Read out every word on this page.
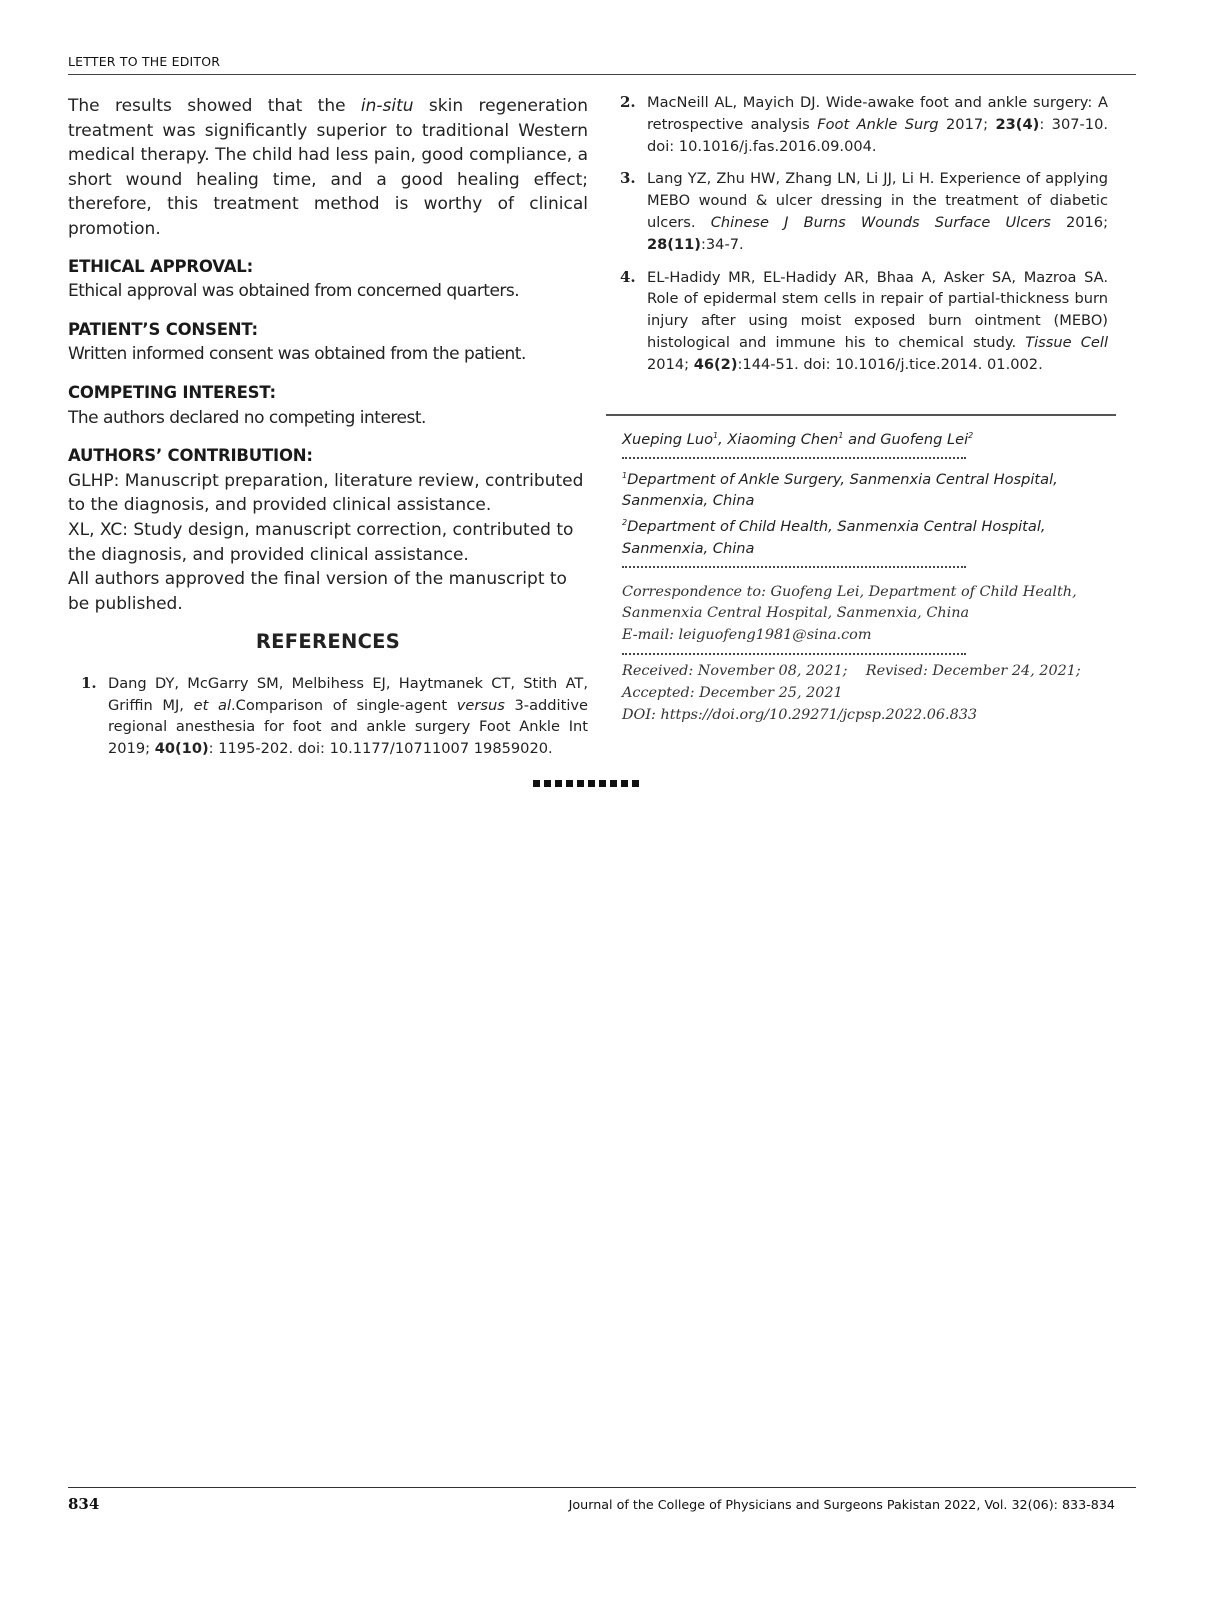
LETTER TO THE EDITOR

The results showed that the in-situ skin regeneration treatment was significantly superior to traditional Western medical therapy. The child had less pain, good compliance, a short wound healing time, and a good healing effect; therefore, this treatment method is worthy of clinical promotion.

ETHICAL APPROVAL:

Ethical approval was obtained from concerned quarters.

PATIENT’S CONSENT:

Written informed consent was obtained from the patient.

COMPETING INTEREST:

The authors declared no competing interest.

AUTHORS’ CONTRIBUTION:

GLHP: Manuscript preparation, literature review, contributed to the diagnosis, and provided clinical assistance.

XL, XC: Study design, manuscript correction, contributed to the diagnosis, and provided clinical assistance.

All authors approved the final version of the manuscript to be published.

REFERENCES
1. Dang DY, McGarry SM, Melbihess EJ, Haytmanek CT, Stith AT, Griffin MJ, et al.Comparison of single-agent versus 3-additive regional anesthesia for foot and ankle surgery Foot Ankle Int 2019; 40(10): 1195-202. doi: 10.1177/10711007 19859020.
2. MacNeill AL, Mayich DJ. Wide-awake foot and ankle surgery: A retrospective analysis Foot Ankle Surg 2017; 23(4): 307-10. doi: 10.1016/j.fas.2016.09.004.
3. Lang YZ, Zhu HW, Zhang LN, Li JJ, Li H. Experience of applying MEBO wound & ulcer dressing in the treatment of diabetic ulcers. Chinese J Burns Wounds Surface Ulcers 2016; 28(11):34-7.
4. EL-Hadidy MR, EL-Hadidy AR, Bhaa A, Asker SA, Mazroa SA. Role of epidermal stem cells in repair of partial-thickness burn injury after using moist exposed burn ointment (MEBO) histological and immune his to chemical study. Tissue Cell 2014; 46(2):144-51. doi: 10.1016/j.tice.2014. 01.002.
Xueping Luo$^1$, Xiaoming Chen$^1$ and Guofeng Lei$^2$
$^1$Department of Ankle Surgery, Sanmenxia Central Hospital, Sanmenxia, China
$^2$Department of Child Health, Sanmenxia Central Hospital, Sanmenxia, China
Correspondence to: Guofeng Lei, Department of Child Health, Sanmenxia Central Hospital, Sanmenxia, China
E-mail: leiguofeng1981@sina.com
Received: November 08, 2021;    Revised: December 24, 2021;
Accepted: December 25, 2021
DOI: https://doi.org/10.29271/jcpsp.2022.06.833
834	Journal of the College of Physicians and Surgeons Pakistan 2022, Vol. 32(06): 833-834
